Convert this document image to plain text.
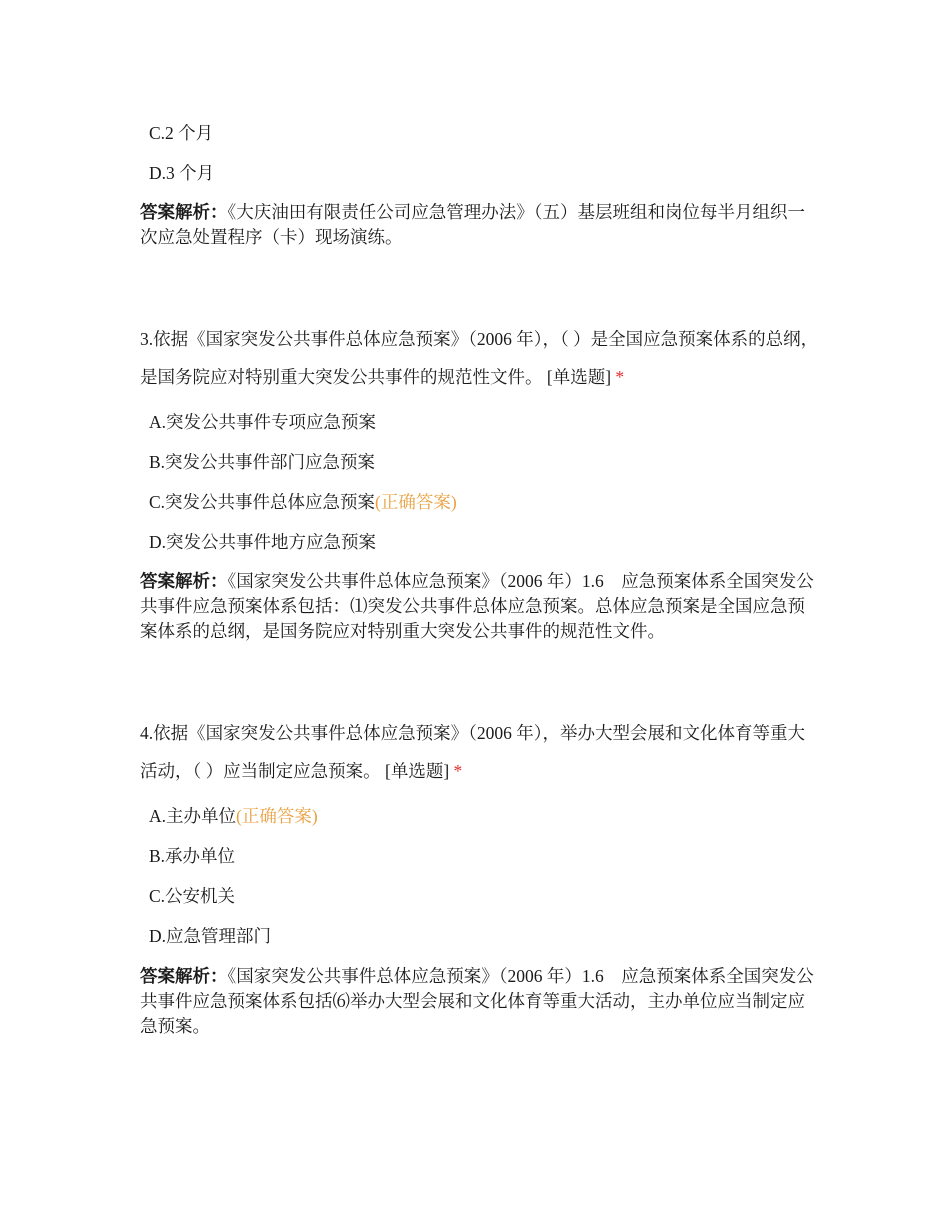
C.2 个月
D.3 个月
答案解析：《大庆油田有限责任公司应急管理办法》（五）基层班组和岗位每半月组织一次应急处置程序（卡）现场演练。
3.依据《国家突发公共事件总体应急预案》（2006 年），（ ）是全国应急预案体系的总纲，是国务院应对特别重大突发公共事件的规范性文件。 [单选题] *
A.突发公共事件专项应急预案
B.突发公共事件部门应急预案
C.突发公共事件总体应急预案(正确答案)
D.突发公共事件地方应急预案
答案解析：《国家突发公共事件总体应急预案》（2006 年）1.6　应急预案体系全国突发公共事件应急预案体系包括：⑴突发公共事件总体应急预案。总体应急预案是全国应急预案体系的总纲，是国务院应对特别重大突发公共事件的规范性文件。
4.依据《国家突发公共事件总体应急预案》（2006 年），举办大型会展和文化体育等重大活动，（ ）应当制定应急预案。 [单选题] *
A.主办单位(正确答案)
B.承办单位
C.公安机关
D.应急管理部门
答案解析：《国家突发公共事件总体应急预案》（2006 年）1.6　应急预案体系全国突发公共事件应急预案体系包括⑹举办大型会展和文化体育等重大活动，主办单位应当制定应急预案。
